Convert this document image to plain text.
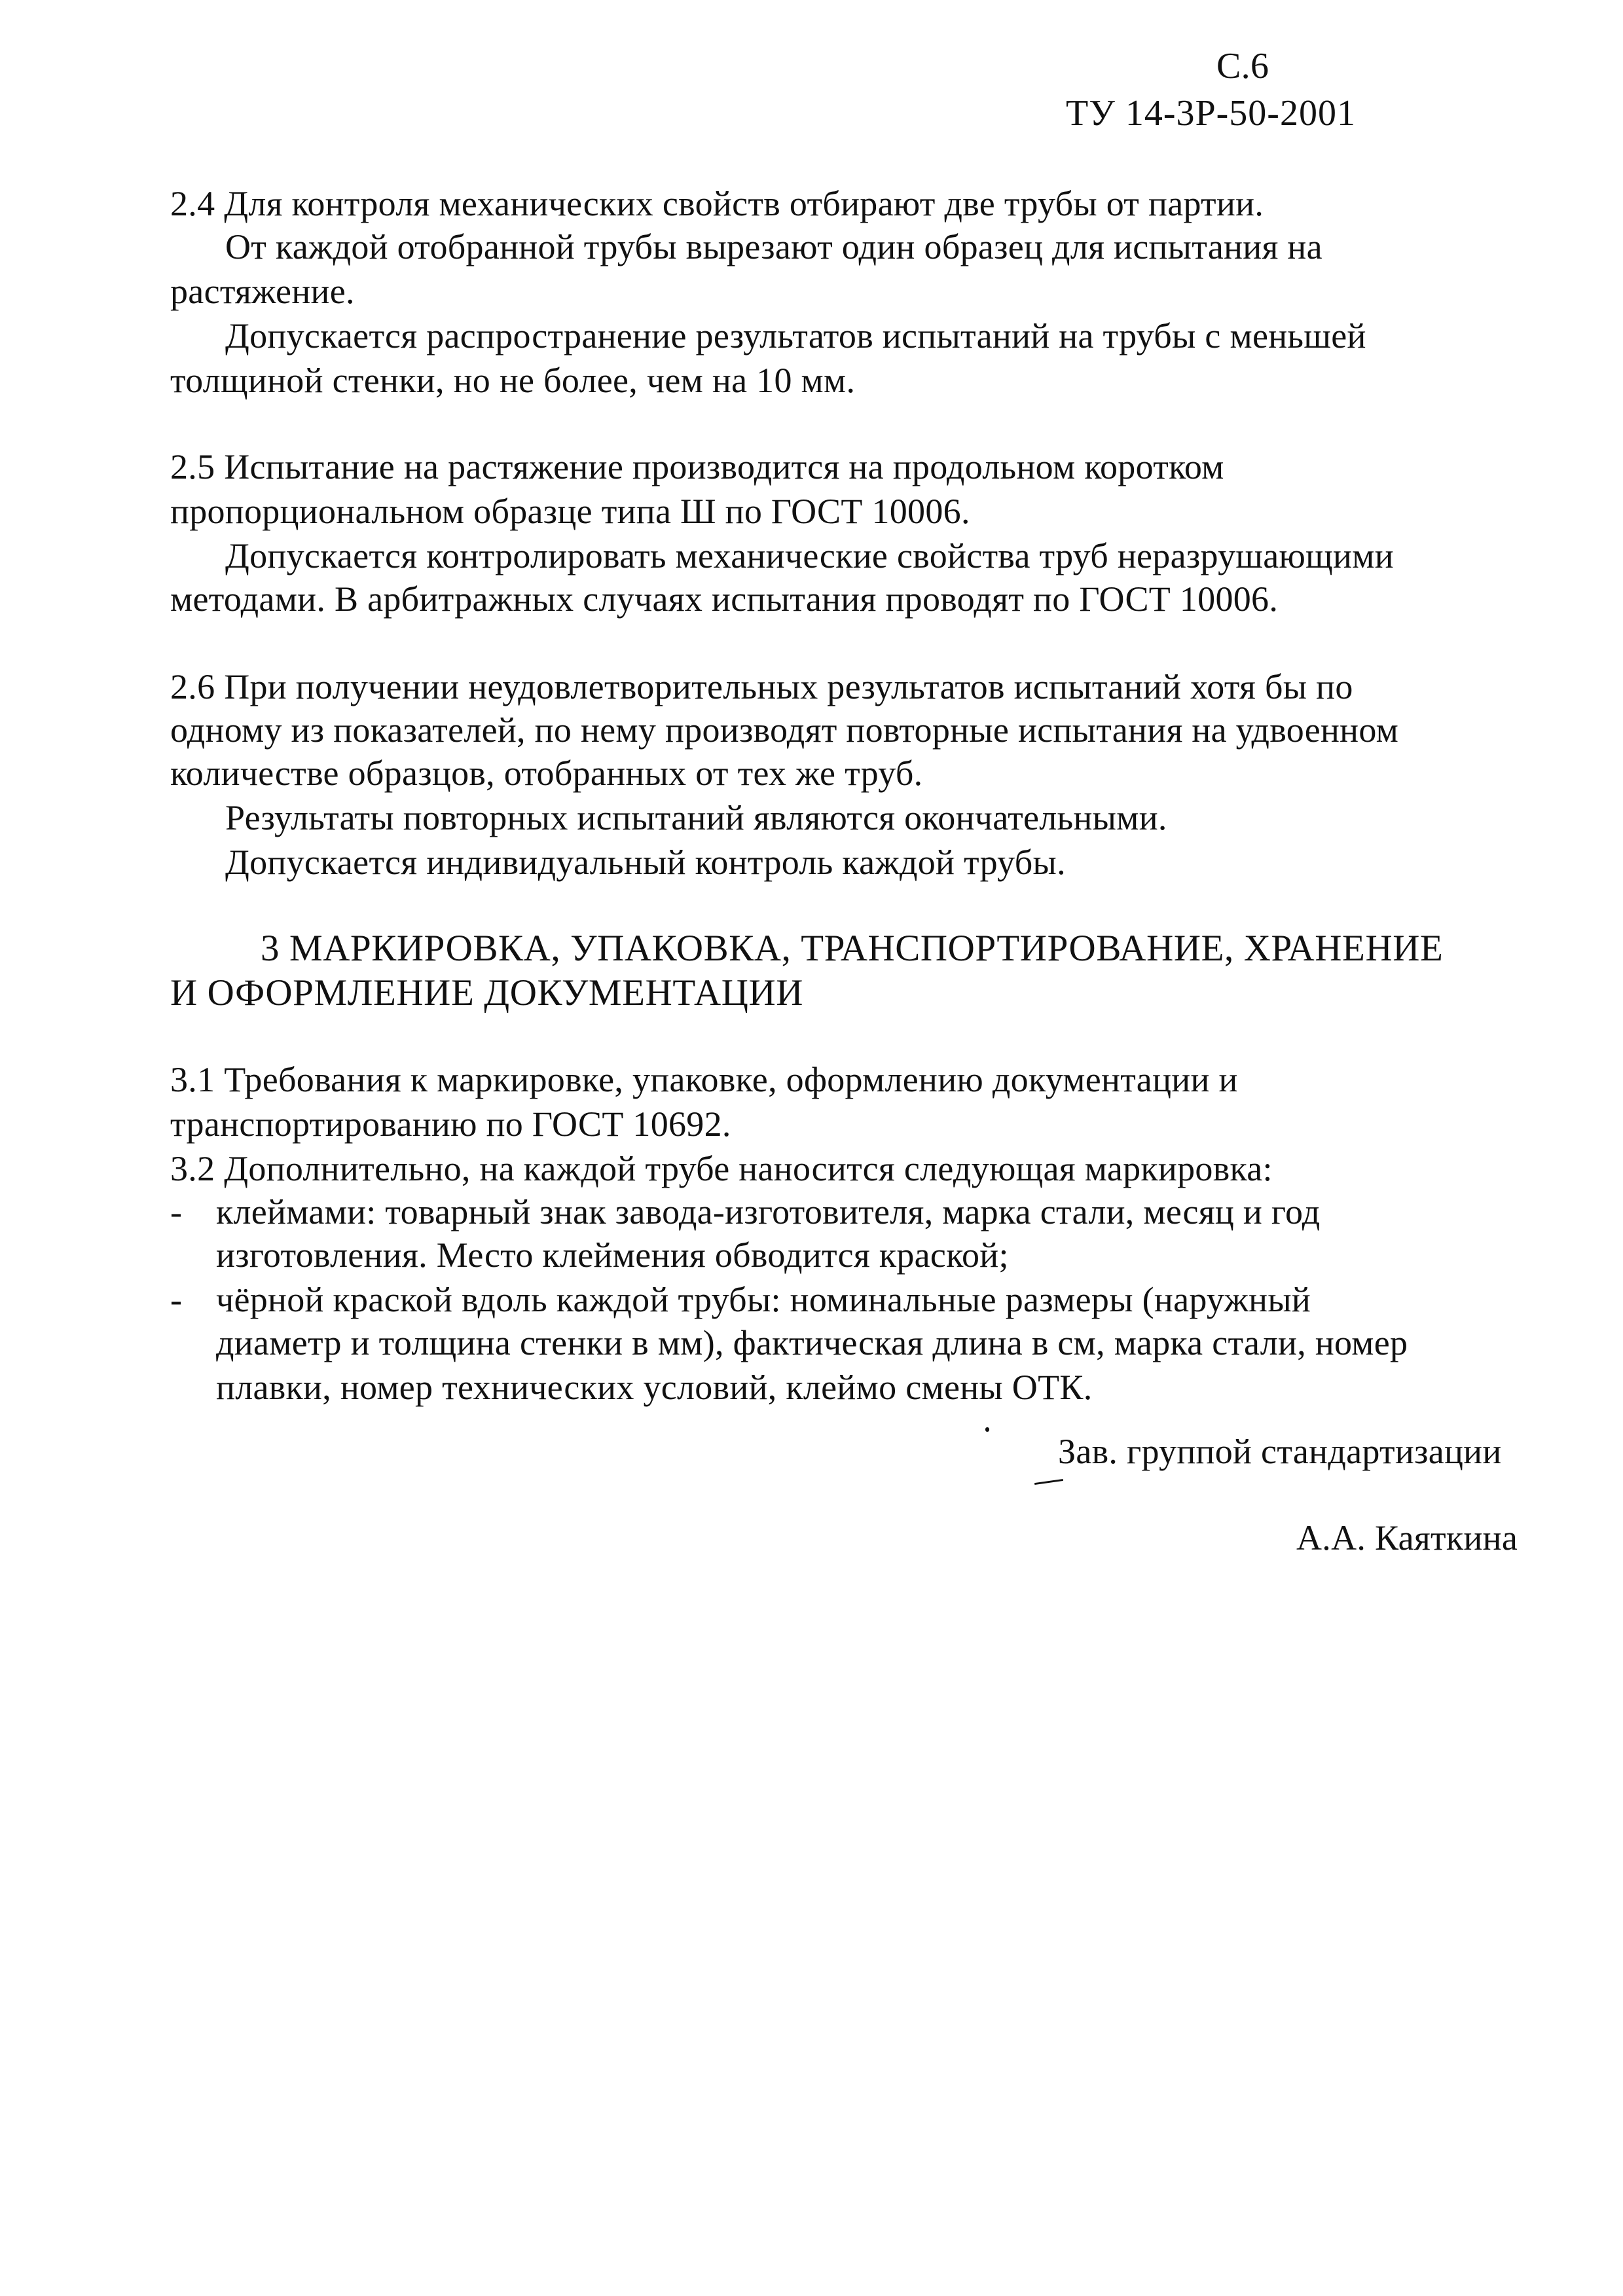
С.6
ТУ 14-3Р-50-2001
2.4 Для контроля механических свойств отбирают две трубы от партии.
От каждой отобранной трубы вырезают один образец для испытания на
растяжение.
Допускается распространение результатов испытаний на трубы с меньшей
толщиной стенки, но не более, чем на 10 мм.
2.5 Испытание на растяжение производится на продольном коротком
пропорциональном образце типа Ш по ГОСТ 10006.
Допускается контролировать механические свойства труб неразрушающими
методами. В арбитражных случаях испытания проводят по ГОСТ 10006.
2.6 При получении неудовлетворительных результатов испытаний хотя бы по
одному из показателей, по нему производят повторные испытания на удвоенном
количестве образцов, отобранных от тех же труб.
Результаты повторных испытаний являются окончательными.
Допускается индивидуальный контроль каждой трубы.
3 МАРКИРОВКА, УПАКОВКА, ТРАНСПОРТИРОВАНИЕ, ХРАНЕНИЕ
И ОФОРМЛЕНИЕ ДОКУМЕНТАЦИИ
3.1 Требования к маркировке, упаковке, оформлению документации и
транспортированию по ГОСТ 10692.
3.2 Дополнительно, на каждой трубе наносится следующая маркировка:
- клеймами: товарный знак завода-изготовителя, марка стали, месяц и год
изготовления. Место клеймения обводится краской;
- чёрной краской вдоль каждой трубы: номинальные размеры (наружный
диаметр и толщина стенки в мм), фактическая длина в см, марка стали, номер
плавки, номер технических условий, клеймо смены ОТК.
Зав. группой стандартизации
А.А. Каяткина
